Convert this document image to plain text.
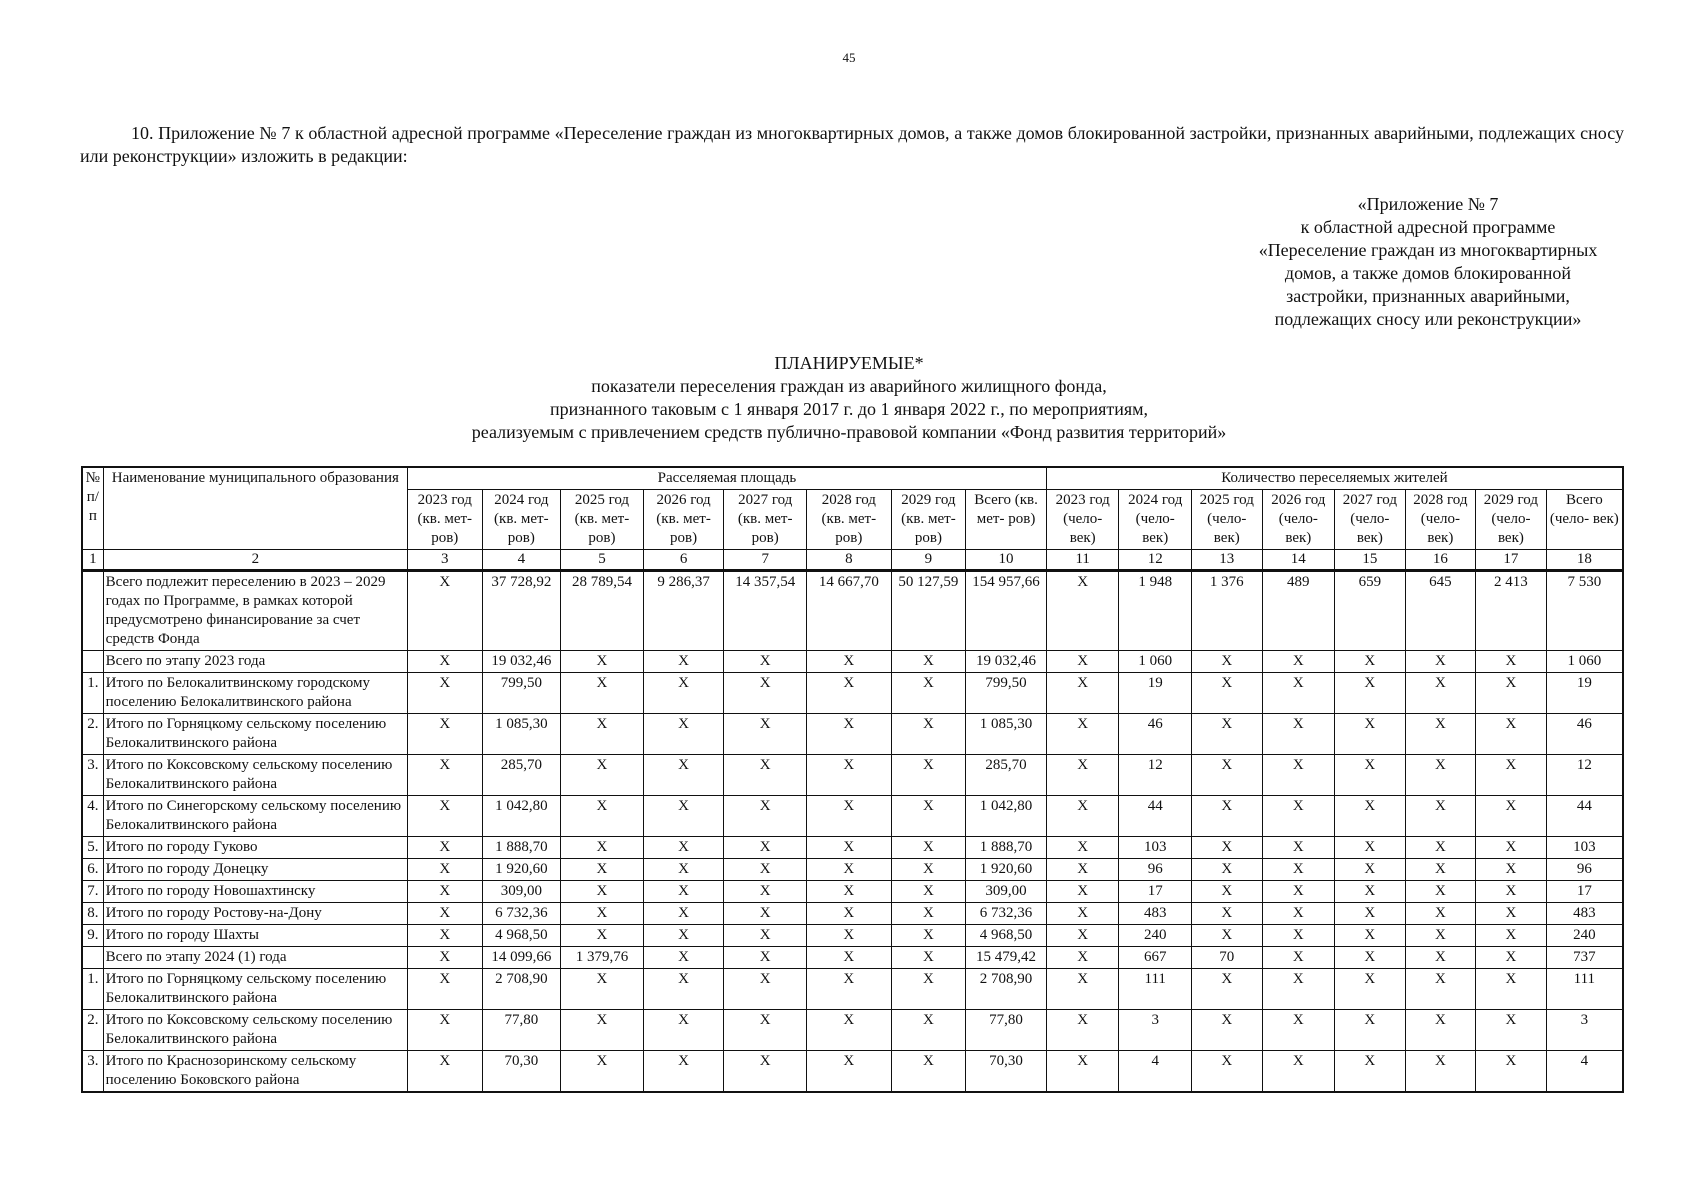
45
10. Приложение № 7 к областной адресной программе «Переселение граждан из многоквартирных домов, а также домов блокированной застройки, признанных аварийными, подлежащих сносу или реконструкции» изложить в редакции:
«Приложение № 7
к областной адресной программе
«Переселение граждан из многоквартирных
домов, а также домов блокированной
застройки, признанных аварийными,
подлежащих сносу или реконструкции»
ПЛАНИРУЕМЫЕ*
показатели переселения граждан из аварийного жилищного фонда,
признанного таковым с 1 января 2017 г. до 1 января 2022 г., по мероприятиям,
реализуемым с привлечением средств публично-правовой компании «Фонд развития территорий»
№ п/п	Наименование муниципального образования	Расселяемая площадь								Количество переселяемых жителей							
		2023 год (кв. мет- ров)	2024 год (кв. мет- ров)	2025 год (кв. мет- ров)	2026 год (кв. мет- ров)	2027 год (кв. мет- ров)	2028 год (кв. мет- ров)	2029 год (кв. мет- ров)	Всего (кв. мет- ров)	2023 год (чело- век)	2024 год (чело- век)	2025 год (чело- век)	2026 год (чело- век)	2027 год (чело- век)	2028 год (чело- век)	2029 год (чело- век)	Всего (чело- век)
1	2	3	4	5	6	7	8	9	10	11	12	13	14	15	16	17	18
	Всего подлежит переселению в 2023 – 2029 годах по Программе, в рамках которой предусмотрено финансирование за счет средств Фонда	Х	37 728,92	28 789,54	9 286,37	14 357,54	14 667,70	50 127,59	154 957,66	Х	1 948	1 376	489	659	645	2 413	7 530
	Всего по этапу 2023 года	Х	19 032,46	Х	Х	Х	Х	Х	19 032,46	Х	1 060	Х	Х	Х	Х	Х	1 060
1.	Итого по Белокалитвинскому городскому поселению Белокалитвинского района	Х	799,50	Х	Х	Х	Х	Х	799,50	Х	19	Х	Х	Х	Х	Х	19
2.	Итого по Горняцкому сельскому поселению Белокалитвинского района	Х	1 085,30	Х	Х	Х	Х	Х	1 085,30	Х	46	Х	Х	Х	Х	Х	46
3.	Итого по Коксовскому сельскому поселению Белокалитвинского района	Х	285,70	Х	Х	Х	Х	Х	285,70	Х	12	Х	Х	Х	Х	Х	12
4.	Итого по Синегорскому сельскому поселению Белокалитвинского района	Х	1 042,80	Х	Х	Х	Х	Х	1 042,80	Х	44	Х	Х	Х	Х	Х	44
5.	Итого по городу Гуково	Х	1 888,70	Х	Х	Х	Х	Х	1 888,70	Х	103	Х	Х	Х	Х	Х	103
6.	Итого по городу Донецку	Х	1 920,60	Х	Х	Х	Х	Х	1 920,60	Х	96	Х	Х	Х	Х	Х	96
7.	Итого по городу Новошахтинску	Х	309,00	Х	Х	Х	Х	Х	309,00	Х	17	Х	Х	Х	Х	Х	17
8.	Итого по городу Ростову-на-Дону	Х	6 732,36	Х	Х	Х	Х	Х	6 732,36	Х	483	Х	Х	Х	Х	Х	483
9.	Итого по городу Шахты	Х	4 968,50	Х	Х	Х	Х	Х	4 968,50	Х	240	Х	Х	Х	Х	Х	240
	Всего по этапу 2024 (1) года	Х	14 099,66	1 379,76	Х	Х	Х	Х	15 479,42	Х	667	70	Х	Х	Х	Х	737
1.	Итого по Горняцкому сельскому поселению Белокалитвинского района	Х	2 708,90	Х	Х	Х	Х	Х	2 708,90	Х	111	Х	Х	Х	Х	Х	111
2.	Итого по Коксовскому сельскому поселению Белокалитвинского района	Х	77,80	Х	Х	Х	Х	Х	77,80	Х	3	Х	Х	Х	Х	Х	3
3.	Итого по Краснозоринскому сельскому поселению Боковского района	Х	70,30	Х	Х	Х	Х	Х	70,30	Х	4	Х	Х	Х	Х	Х	4
